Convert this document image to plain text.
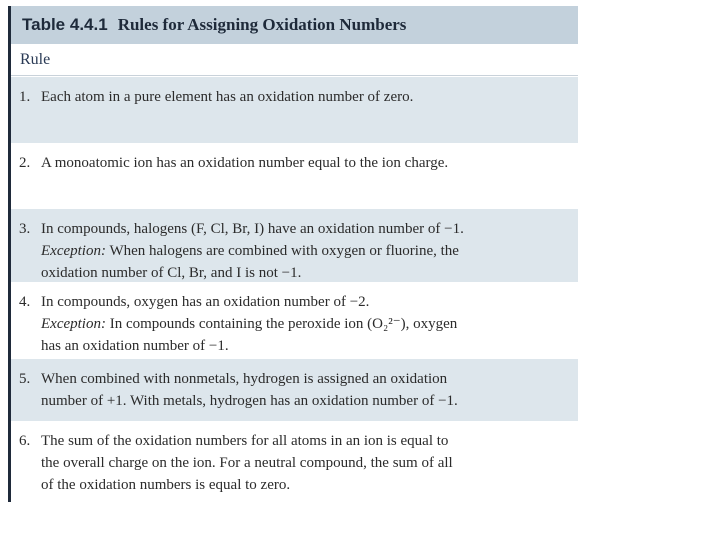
Table 4.4.1 Rules for Assigning Oxidation Numbers
Rule
1. Each atom in a pure element has an oxidation number of zero.
2. A monoatomic ion has an oxidation number equal to the ion charge.
3. In compounds, halogens (F, Cl, Br, I) have an oxidation number of −1.
Exception: When halogens are combined with oxygen or fluorine, the
oxidation number of Cl, Br, and I is not −1.
4. In compounds, oxygen has an oxidation number of −2.
Exception: In compounds containing the peroxide ion (O₂²⁻), oxygen
has an oxidation number of −1.
5. When combined with nonmetals, hydrogen is assigned an oxidation
number of +1. With metals, hydrogen has an oxidation number of −1.
6. The sum of the oxidation numbers for all atoms in an ion is equal to
the overall charge on the ion. For a neutral compound, the sum of all
of the oxidation numbers is equal to zero.
